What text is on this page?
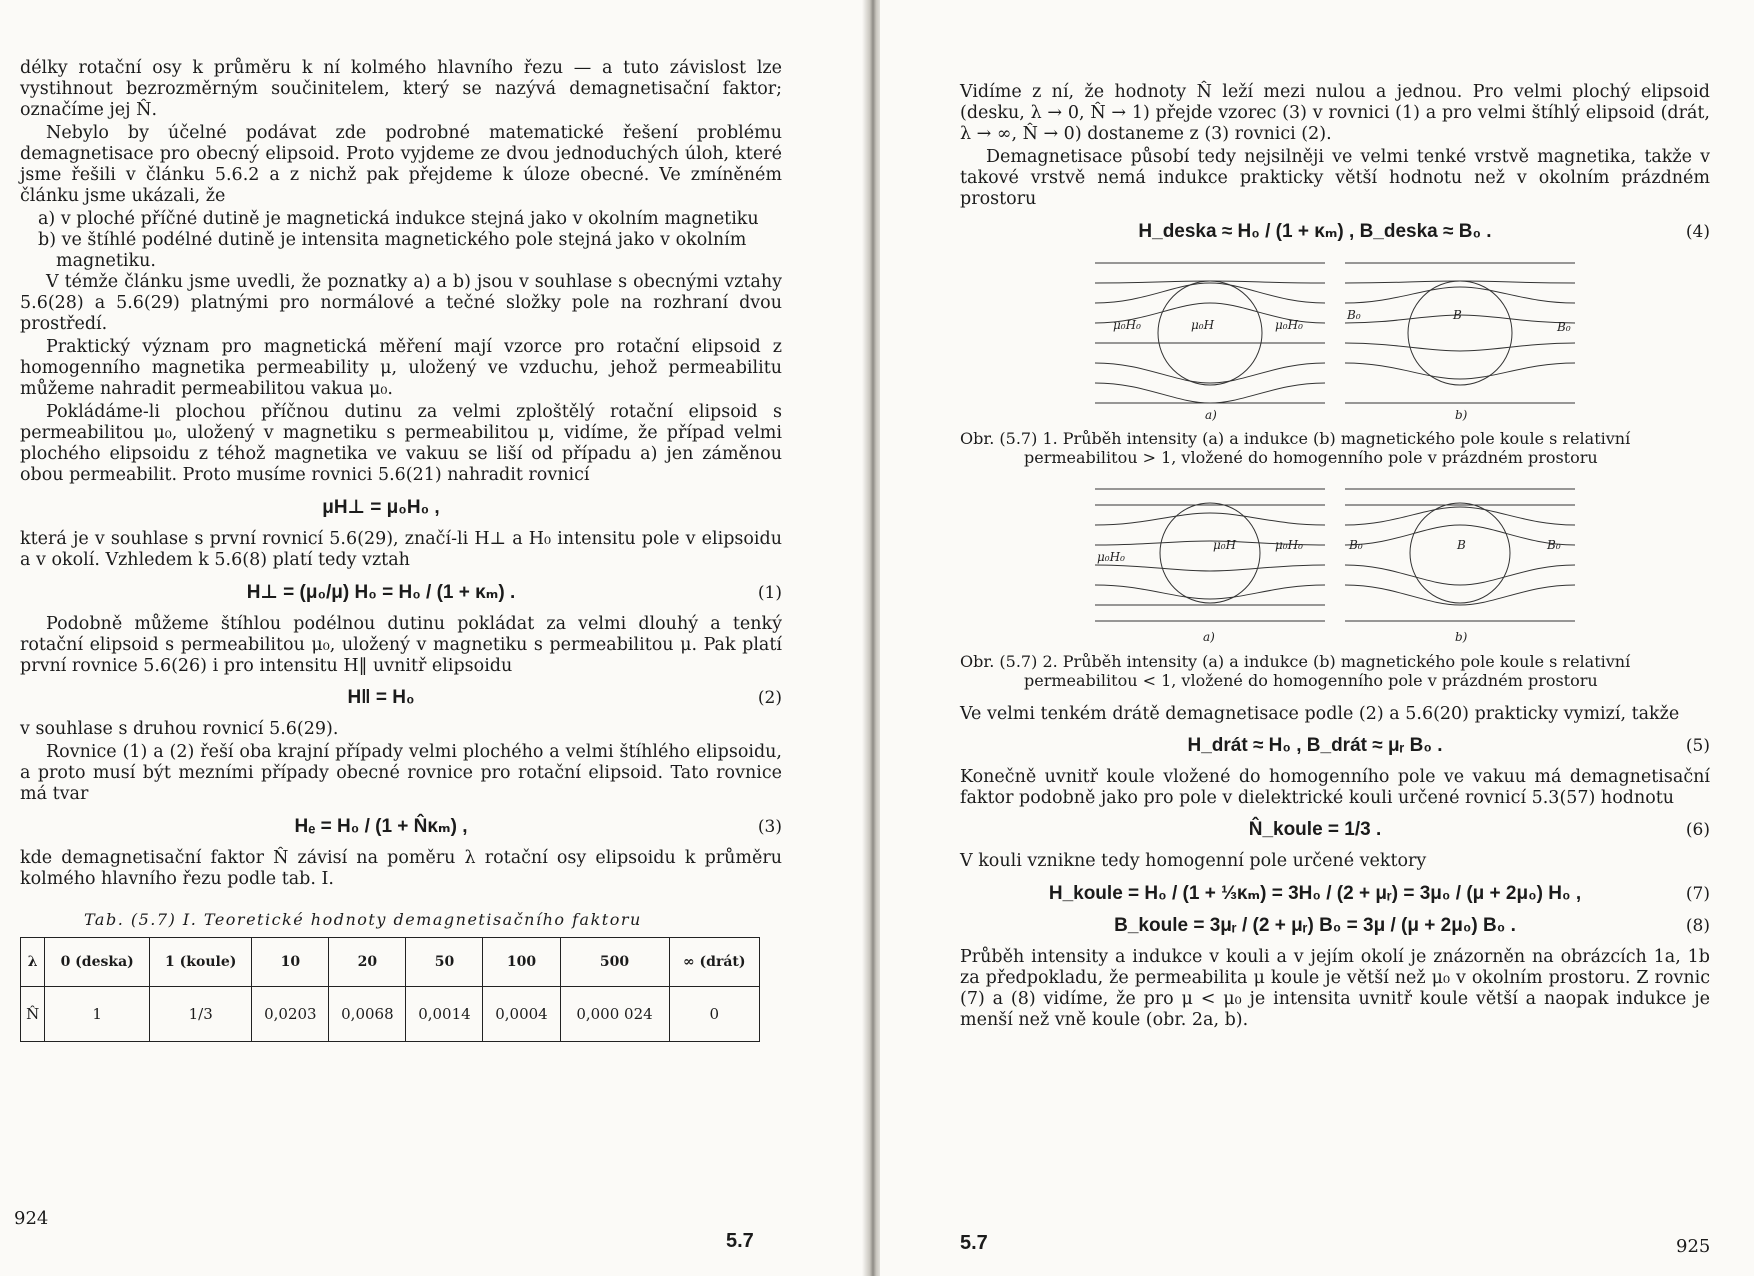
délky rotační osy k průměru k ní kolmého hlavního řezu — a tuto závislost lze vystihnout bezrozměrným součinitelem, který se nazývá demagnetisační faktor; označíme jej N̂.

Nebylo by účelné podávat zde podrobné matematické řešení problému demagnetisace pro obecný elipsoid. Proto vyjdeme ze dvou jednoduchých úloh, které jsme řešili v článku 5.6.2 a z nichž pak přejdeme k úloze obecné. Ve zmíněném článku jsme ukázali, že

a) v ploché příčné dutině je magnetická indukce stejná jako v okolním magnetiku

b) ve štíhlé podélné dutině je intensita magnetického pole stejná jako v okolním magnetiku.

V témže článku jsme uvedli, že poznatky a) a b) jsou v souhlase s obecnými vztahy 5.6(28) a 5.6(29) platnými pro normálové a tečné složky pole na rozhraní dvou prostředí.

Praktický význam pro magnetická měření mají vzorce pro rotační elipsoid z homogenního magnetika permeability μ, uložený ve vzduchu, jehož permeabilitu můžeme nahradit permeabilitou vakua μ₀.

Pokládáme-li plochou příčnou dutinu za velmi zploštělý rotační elipsoid s permeabilitou μ₀, uložený v magnetiku s permeabilitou μ, vidíme, že případ velmi plochého elipsoidu z téhož magnetika ve vakuu se liší od případu a) jen záměnou obou permeabilit. Proto musíme rovnici 5.6(21) nahradit rovnicí

μH⊥ = μ₀H₀ ,

která je v souhlase s první rovnicí 5.6(29), značí-li H⊥ a H₀ intensitu pole v elipsoidu a v okolí. Vzhledem k 5.6(8) platí tedy vztah

H⊥ = (μ₀/μ) H₀ = H₀ / (1 + κₘ) .	(1)

Podobně můžeme štíhlou podélnou dutinu pokládat za velmi dlouhý a tenký rotační elipsoid s permeabilitou μ₀, uložený v magnetiku s permeabilitou μ. Pak platí první rovnice 5.6(26) i pro intensitu H‖ uvnitř elipsoidu

H‖ = H₀	(2)

v souhlase s druhou rovnicí 5.6(29).

Rovnice (1) a (2) řeší oba krajní případy velmi plochého a velmi štíhlého elipsoidu, a proto musí být mezními případy obecné rovnice pro rotační elipsoid. Tato rovnice má tvar

Hₑ = H₀ / (1 + N̂κₘ) ,	(3)

kde demagnetisační faktor N̂ závisí na poměru λ rotační osy elipsoidu k průměru kolmého hlavního řezu podle tab. I.

Tab. (5.7) I. Teoretické hodnoty demagnetisačního faktoru
λ	0 (deska)	1 (koule)	10	20	50	100	500	∞ (drát)
N̂	1	1/3	0,0203	0,0068	0,0014	0,0004	0,000 024	0
924
5.7

Vidíme z ní, že hodnoty N̂ leží mezi nulou a jednou. Pro velmi plochý elipsoid (desku, λ → 0, N̂ → 1) přejde vzorec (3) v rovnici (1) a pro velmi štíhlý elipsoid (drát, λ → ∞, N̂ → 0) dostaneme z (3) rovnici (2).

Demagnetisace působí tedy nejsilněji ve velmi tenké vrstvě magnetika, takže v takové vrstvě nemá indukce prakticky větší hodnotu než v okolním prázdném prostoru

H_deska ≈ H₀ / (1 + κₘ) , B_deska ≈ B₀ .	(4)
μ₀H₀	μ₀H	μ₀H₀
B₀	B
B₀
a)	b)
Obr. (5.7) 1. Průběh intensity (a) a indukce (b) magnetického pole koule s relativní
permeabilitou > 1, vložené do homogenního pole v prázdném prostoru
μ₀H₀
μ₀H	μ₀H₀	B₀	B	B₀
a)	b)
Obr. (5.7) 2. Průběh intensity (a) a indukce (b) magnetického pole koule s relativní
permeabilitou < 1, vložené do homogenního pole v prázdném prostoru

Ve velmi tenkém drátě demagnetisace podle (2) a 5.6(20) prakticky vymizí, takže

H_drát ≈ H₀ , B_drát ≈ μᵣ B₀ .	(5)

Konečně uvnitř koule vložené do homogenního pole ve vakuu má demagnetisační faktor podobně jako pro pole v dielektrické kouli určené rovnicí 5.3(57) hodnotu

N̂_koule = 1/3 .	(6)

V kouli vznikne tedy homogenní pole určené vektory

H_koule = H₀ / (1 + ⅓κₘ) = 3H₀ / (2 + μᵣ) = 3μ₀ / (μ + 2μ₀) H₀ ,	(7)
B_koule = 3μᵣ / (2 + μᵣ) B₀ = 3μ / (μ + 2μ₀) B₀ .	(8)

Průběh intensity a indukce v kouli a v jejím okolí je znázorněn na obrázcích 1a, 1b za předpokladu, že permeabilita μ koule je větší než μ₀ v okolním prostoru. Z rovnic (7) a (8) vidíme, že pro μ < μ₀ je intensita uvnitř koule větší a naopak indukce je menší než vně koule (obr. 2a, b).

5.7	925
